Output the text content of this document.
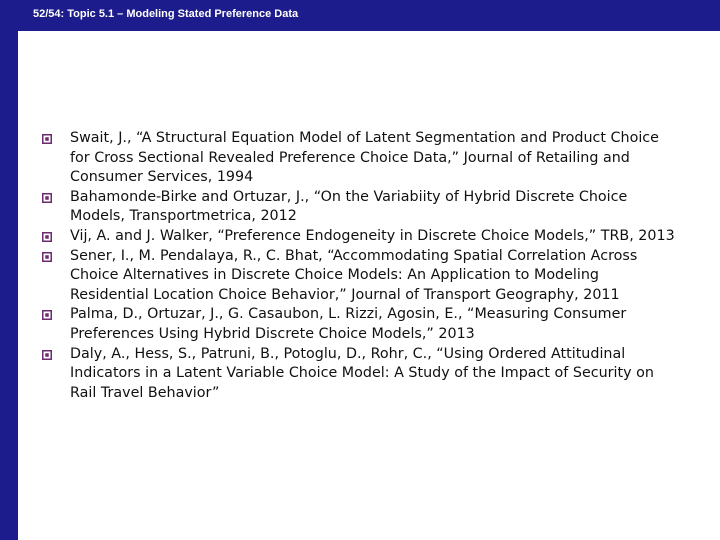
52/54: Topic 5.1 – Modeling Stated Preference Data
Swait, J., “A Structural Equation Model of Latent Segmentation and Product Choice for Cross Sectional Revealed Preference Choice Data,” Journal of Retailing and Consumer Services, 1994
Bahamonde-Birke and Ortuzar, J., “On the Variabiity of Hybrid Discrete Choice Models, Transportmetrica, 2012
Vij, A. and J. Walker, “Preference Endogeneity in Discrete Choice Models,” TRB, 2013
Sener, I., M. Pendalaya, R., C. Bhat, “Accommodating Spatial Correlation Across Choice Alternatives in Discrete Choice Models: An Application to Modeling Residential Location Choice Behavior,” Journal of Transport Geography, 2011
Palma, D., Ortuzar, J., G. Casaubon, L. Rizzi, Agosin, E., “Measuring Consumer Preferences Using Hybrid Discrete Choice Models,” 2013
Daly, A., Hess, S., Patruni, B., Potoglu, D., Rohr, C., “Using Ordered Attitudinal Indicators in a Latent Variable Choice Model: A Study of the Impact of Security on Rail Travel Behavior”
